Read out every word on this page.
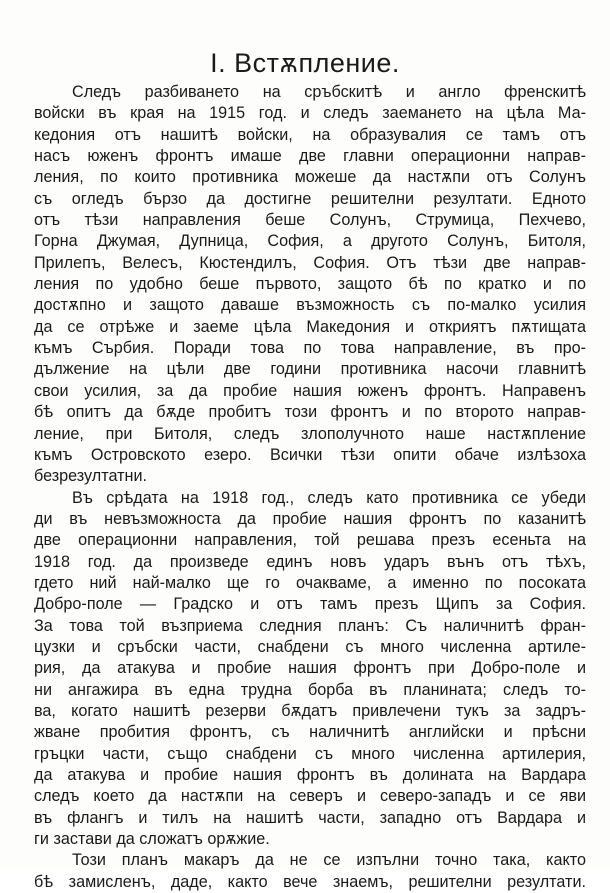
I. Встѫпление.
Следъ разбиването на сръбскитѣ и англо френскитѣ
войски въ края на 1915 год. и следъ заемането на цѣла Ма-
кедония отъ нашитѣ войски, на образувалия се тамъ отъ
насъ юженъ фронтъ имаше две главни операционни направ-
ления, по които противника можеше да настѫпи отъ Солунъ
съ огледъ бързо да достигне решителни резултати. Едното
отъ тѣзи направления беше Солунъ, Струмица, Пехчево,
Горна Джумая, Дупница, София, а другото Солунъ, Битоля,
Прилепъ, Велесъ, Кюстендилъ, София. Отъ тѣзи две направ-
ления по удобно беше първото, защото бѣ по кратко и по
достѫпно и защото даваше възможность съ по-малко усилия
да се отрѣже и заеме цѣла Македония и откриятъ пѫтищата
къмъ Сърбия. Поради това по това направление, въ про-
дължение на цѣли две години противника насочи главнитѣ
свои усилия, за да пробие нашия юженъ фронтъ. Направенъ
бѣ опитъ да бѫде пробитъ този фронтъ и по второто направ-
ление, при Битоля, следъ злополучното наше настѫпление
къмъ Островското езеро. Всички тѣзи опити обаче излѣзоха
безрезултатни.
Въ срѣдата на 1918 год., следъ като противника се убеди
ди въ невъзможноста да пробие нашия фронтъ по казанитѣ
две операционни направления, той решава презъ есеньта на
1918 год. да произведе единъ новъ ударъ вънъ отъ тѣхъ,
гдето ний най-малко ще го очакваме, а именно по посоката
Добро-поле — Градско и отъ тамъ презъ Щипъ за София.
За това той възприема следния планъ: Съ наличнитѣ фран-
цузки и сръбски части, снабдени съ много численна артиле-
рия, да атакува и пробие нашия фронтъ при Добро-поле и
ни ангажира въ една трудна борба въ планината; следъ то-
ва, когато нашитѣ резерви бѫдатъ привлечени тукъ за задръ-
жване пробития фронтъ, съ наличнитѣ английски и прѣсни
гръцки части, също снабдени съ много численна артилерия,
да атакува и пробие нашия фронтъ въ долината на Вардара
следъ което да настѫпи на северъ и северо-западъ и се яви
въ флангъ и тилъ на нашитѣ части, западно отъ Вардара и
ги застави да сложатъ орѫжие.
Този планъ макаръ да не се изпълни точно така, както
бѣ замисленъ, даде, както вече знаемъ, решителни резултати.
